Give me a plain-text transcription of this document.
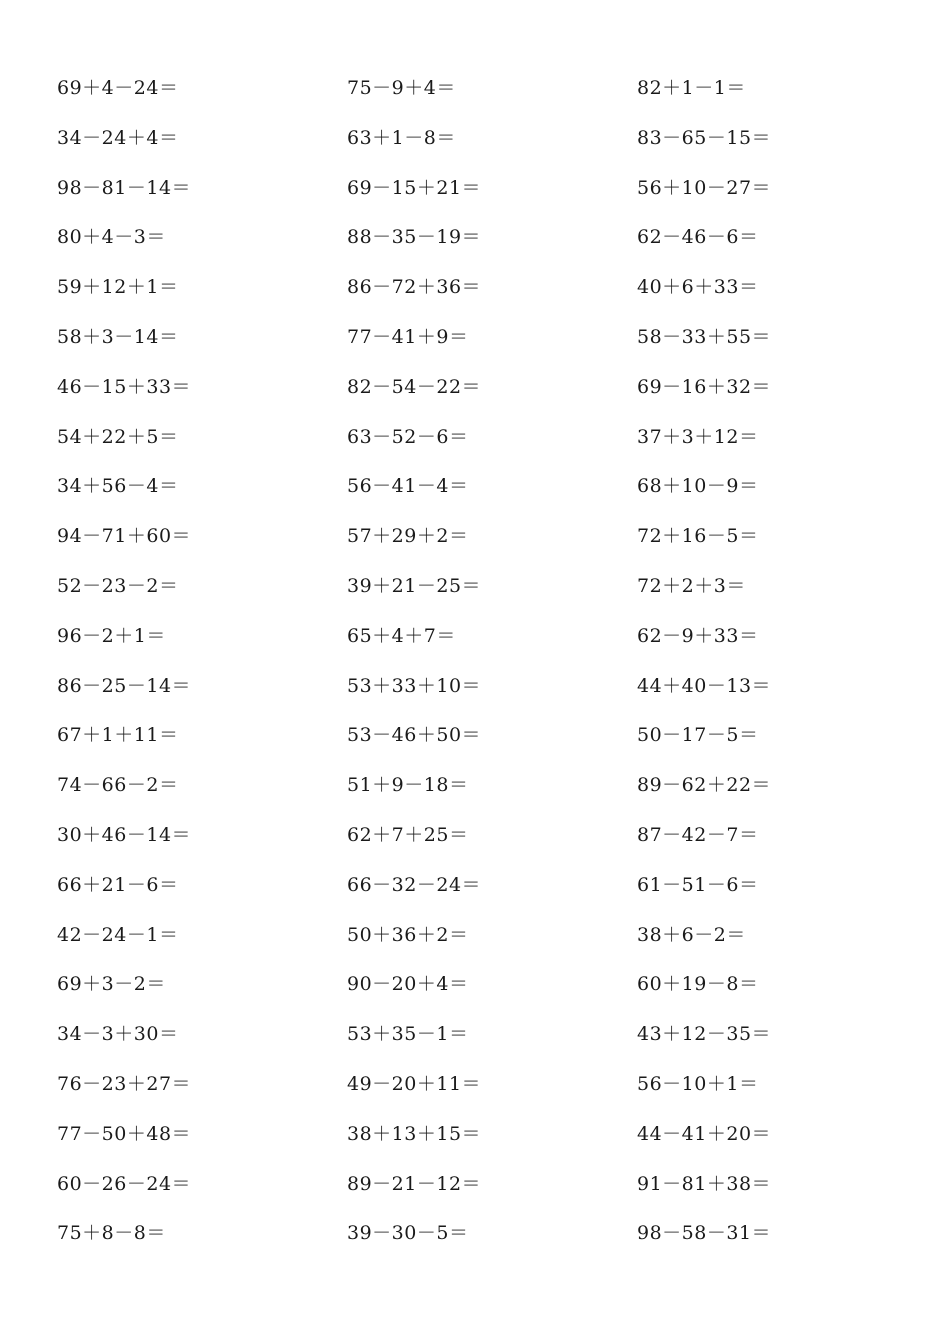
69＋4－24＝	75－9＋4＝	82＋1－1＝
34－24＋4＝	63＋1－8＝	83－65－15＝
98－81－14＝	69－15＋21＝	56＋10－27＝
80＋4－3＝	88－35－19＝	62－46－6＝
59＋12＋1＝	86－72＋36＝	40＋6＋33＝
58＋3－14＝	77－41＋9＝	58－33＋55＝
46－15＋33＝	82－54－22＝	69－16＋32＝
54＋22＋5＝	63－52－6＝	37＋3＋12＝
34＋56－4＝	56－41－4＝	68＋10－9＝
94－71＋60＝	57＋29＋2＝	72＋16－5＝
52－23－2＝	39＋21－25＝	72＋2＋3＝
96－2＋1＝	65＋4＋7＝	62－9＋33＝
86－25－14＝	53＋33＋10＝	44＋40－13＝
67＋1＋11＝	53－46＋50＝	50－17－5＝
74－66－2＝	51＋9－18＝	89－62＋22＝
30＋46－14＝	62＋7＋25＝	87－42－7＝
66＋21－6＝	66－32－24＝	61－51－6＝
42－24－1＝	50＋36＋2＝	38＋6－2＝
69＋3－2＝	90－20＋4＝	60＋19－8＝
34－3＋30＝	53＋35－1＝	43＋12－35＝
76－23＋27＝	49－20＋11＝	56－10＋1＝
77－50＋48＝	38＋13＋15＝	44－41＋20＝
60－26－24＝	89－21－12＝	91－81＋38＝
75＋8－8＝	39－30－5＝	98－58－31＝
